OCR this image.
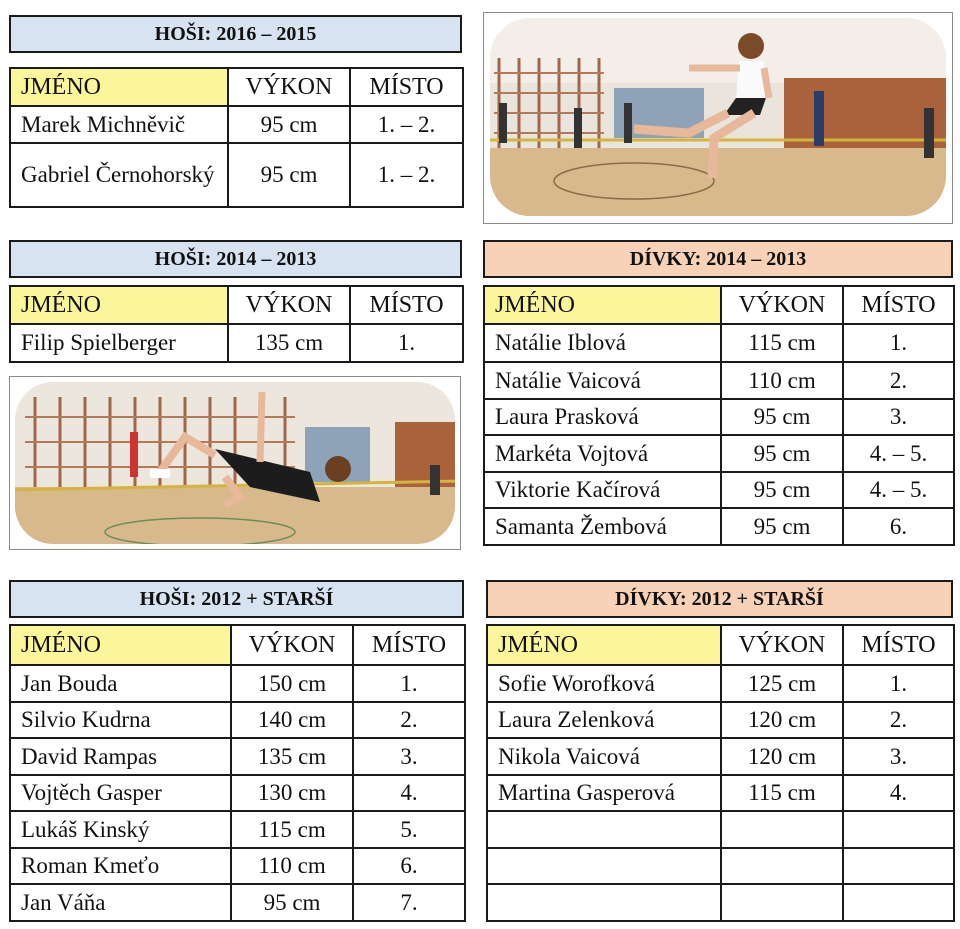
HOŠI: 2016 – 2015
JMÉNO	VÝKON	MÍSTO
Marek Michněvič	95 cm	1. – 2.
Gabriel Černohorský	95 cm	1. – 2.
HOŠI: 2014 – 2013
JMÉNO	VÝKON	MÍSTO
Filip Spielberger	135 cm	1.
DÍVKY: 2014 – 2013
JMÉNO	VÝKON	MÍSTO
Natálie Iblová	115 cm	1.
Natálie Vaicová	110 cm	2.
Laura Prasková	95 cm	3.
Markéta Vojtová	95 cm	4. – 5.
Viktorie Kačírová	95 cm	4. – 5.
Samanta Žembová	95 cm	6.
HOŠI: 2012 + STARŠÍ
JMÉNO	VÝKON	MÍSTO
Jan Bouda	150 cm	1.
Silvio Kudrna	140 cm	2.
David Rampas	135 cm	3.
Vojtěch Gasper	130 cm	4.
Lukáš Kinský	115 cm	5.
Roman Kmeťo	110 cm	6.
Jan Váňa	95 cm	7.
DÍVKY: 2012 + STARŠÍ
JMÉNO	VÝKON	MÍSTO
Sofie Worofková	125 cm	1.
Laura Zelenková	120 cm	2.
Nikola Vaicová	120 cm	3.
Martina Gasperová	115 cm	4.
